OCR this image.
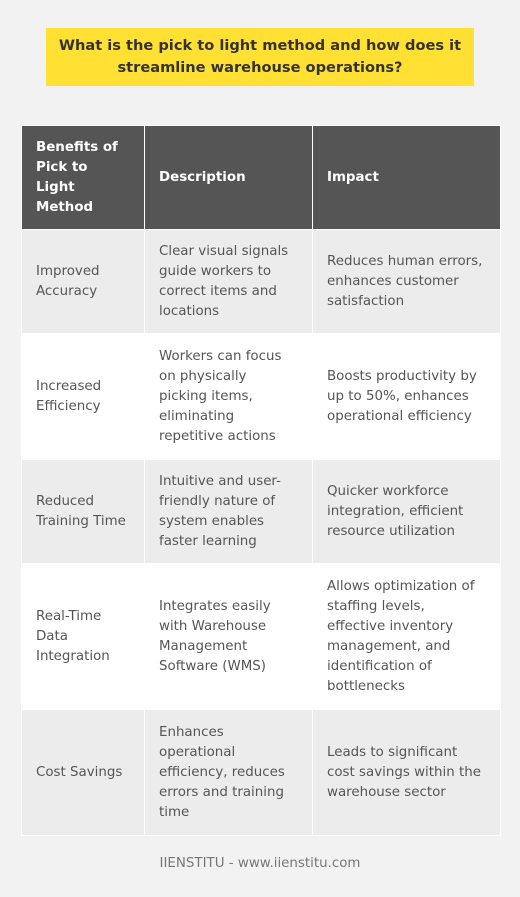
What is the pick to light method and how does it streamline warehouse operations?
Benefits of Pick to Light Method	Description	Impact
Improved Accuracy	Clear visual signals guide workers to correct items and locations	Reduces human errors, enhances customer satisfaction
Increased Efficiency	Workers can focus on physically picking items, eliminating repetitive actions	Boosts productivity by up to 50%, enhances operational efficiency
Reduced Training Time	Intuitive and user-friendly nature of system enables faster learning	Quicker workforce integration, efficient resource utilization
Real-Time Data Integration	Integrates easily with Warehouse Management Software (WMS)	Allows optimization of staffing levels, effective inventory management, and identification of bottlenecks
Cost Savings	Enhances operational efficiency, reduces errors and training time	Leads to significant cost savings within the warehouse sector
IIENSTITU - www.iienstitu.com
